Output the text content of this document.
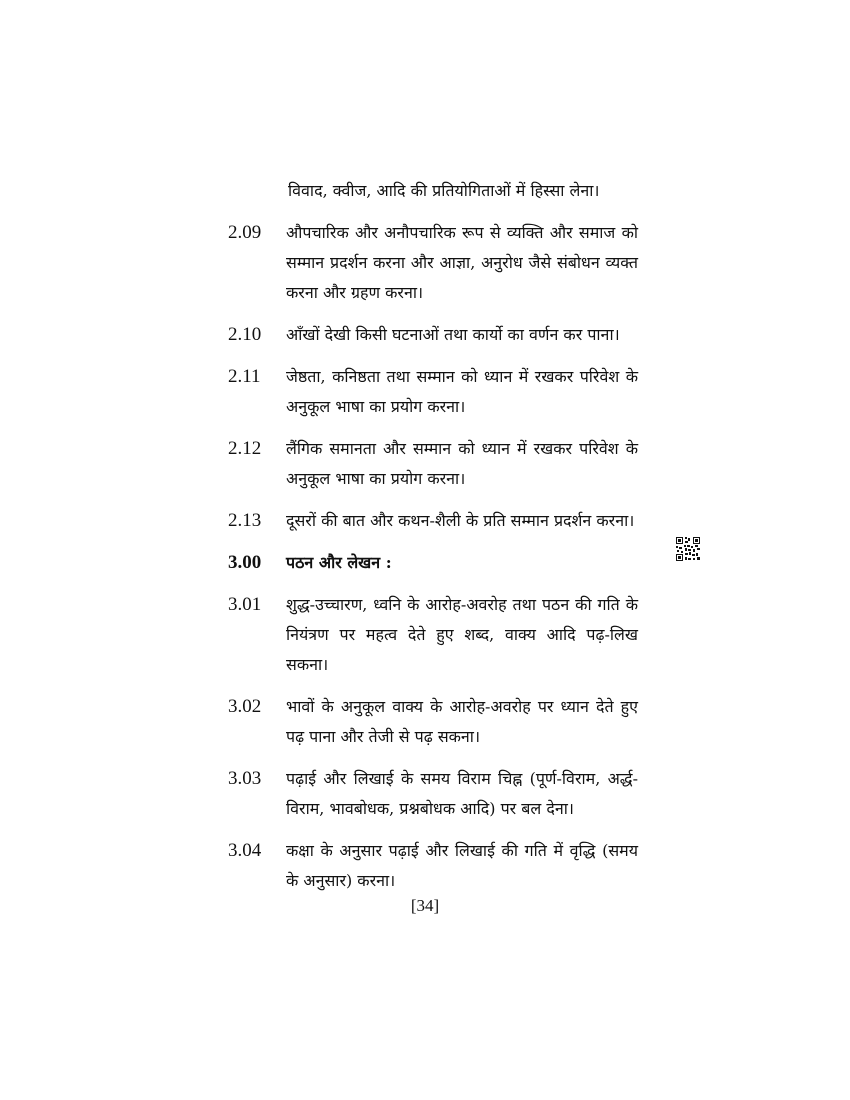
विवाद, क्वीज, आदि की प्रतियोगिताओं में हिस्सा लेना।
2.09	औपचारिक और अनौपचारिक रूप से व्यक्ति और समाज को सम्मान प्रदर्शन करना और आज्ञा, अनुरोध जैसे संबोधन व्यक्त करना और ग्रहण करना।
2.10	आँखों देखी किसी घटनाओं तथा कार्यो का वर्णन कर पाना।
2.11	जेष्ठता, कनिष्ठता तथा सम्मान को ध्यान में रखकर परिवेश के अनुकूल भाषा का प्रयोग करना।
2.12	लैंगिक समानता और सम्मान को ध्यान में रखकर परिवेश के अनुकूल भाषा का प्रयोग करना।
2.13	दूसरों की बात और कथन-शैली के प्रति सम्मान प्रदर्शन करना।
3.00	पठन और लेखन :
3.01	शुद्ध-उच्चारण, ध्वनि के आरोह-अवरोह तथा पठन की गति के नियंत्रण पर महत्व देते हुए शब्द, वाक्य आदि पढ़-लिख सकना।
3.02	भावों के अनुकूल वाक्य के आरोह-अवरोह पर ध्यान देते हुए पढ़ पाना और तेजी से पढ़ सकना।
3.03	पढ़ाई और लिखाई के समय विराम चिह्न (पूर्ण-विराम, अर्द्ध-विराम, भावबोधक, प्रश्नबोधक आदि) पर बल देना।
3.04	कक्षा के अनुसार पढ़ाई और लिखाई की गति में वृद्धि (समय के अनुसार) करना।
[34]
